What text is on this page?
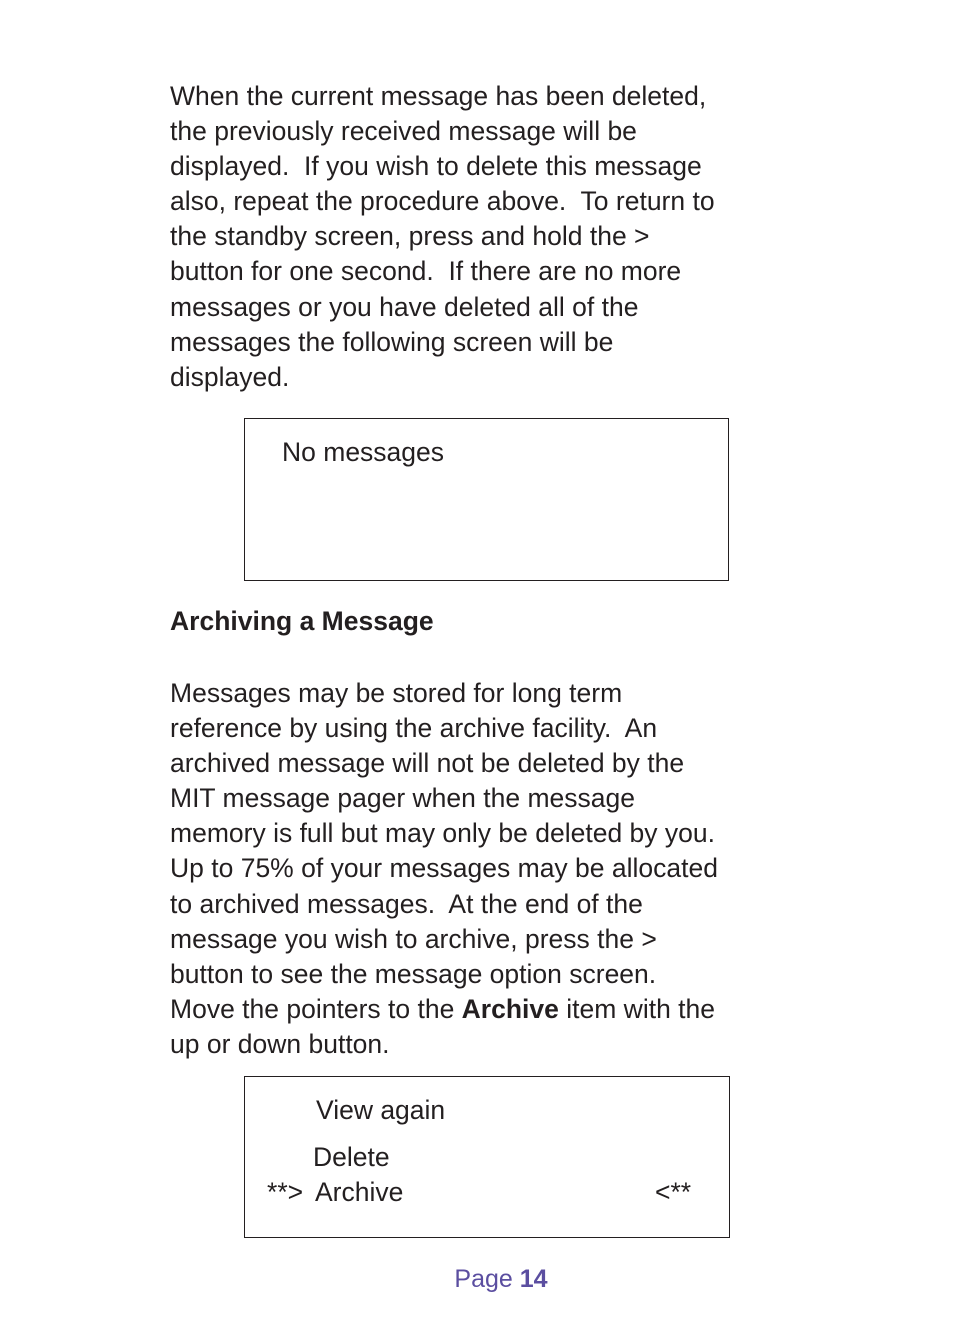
When the current message has been deleted,
the previously received message will be
displayed.  If you wish to delete this message
also, repeat the procedure above.  To return to
the standby screen, press and hold the >
button for one second.  If there are no more
messages or you have deleted all of the
messages the following screen will be
displayed.
No messages
Archiving a Message
Messages may be stored for long term
reference by using the archive facility.  An
archived message will not be deleted by the
MIT message pager when the message
memory is full but may only be deleted by you.
Up to 75% of your messages may be allocated
to archived messages.  At the end of the
message you wish to archive, press the >
button to see the message option screen.
Move the pointers to the Archive item with the
up or down button.
View again
Delete
**> Archive	<**
Page 14
